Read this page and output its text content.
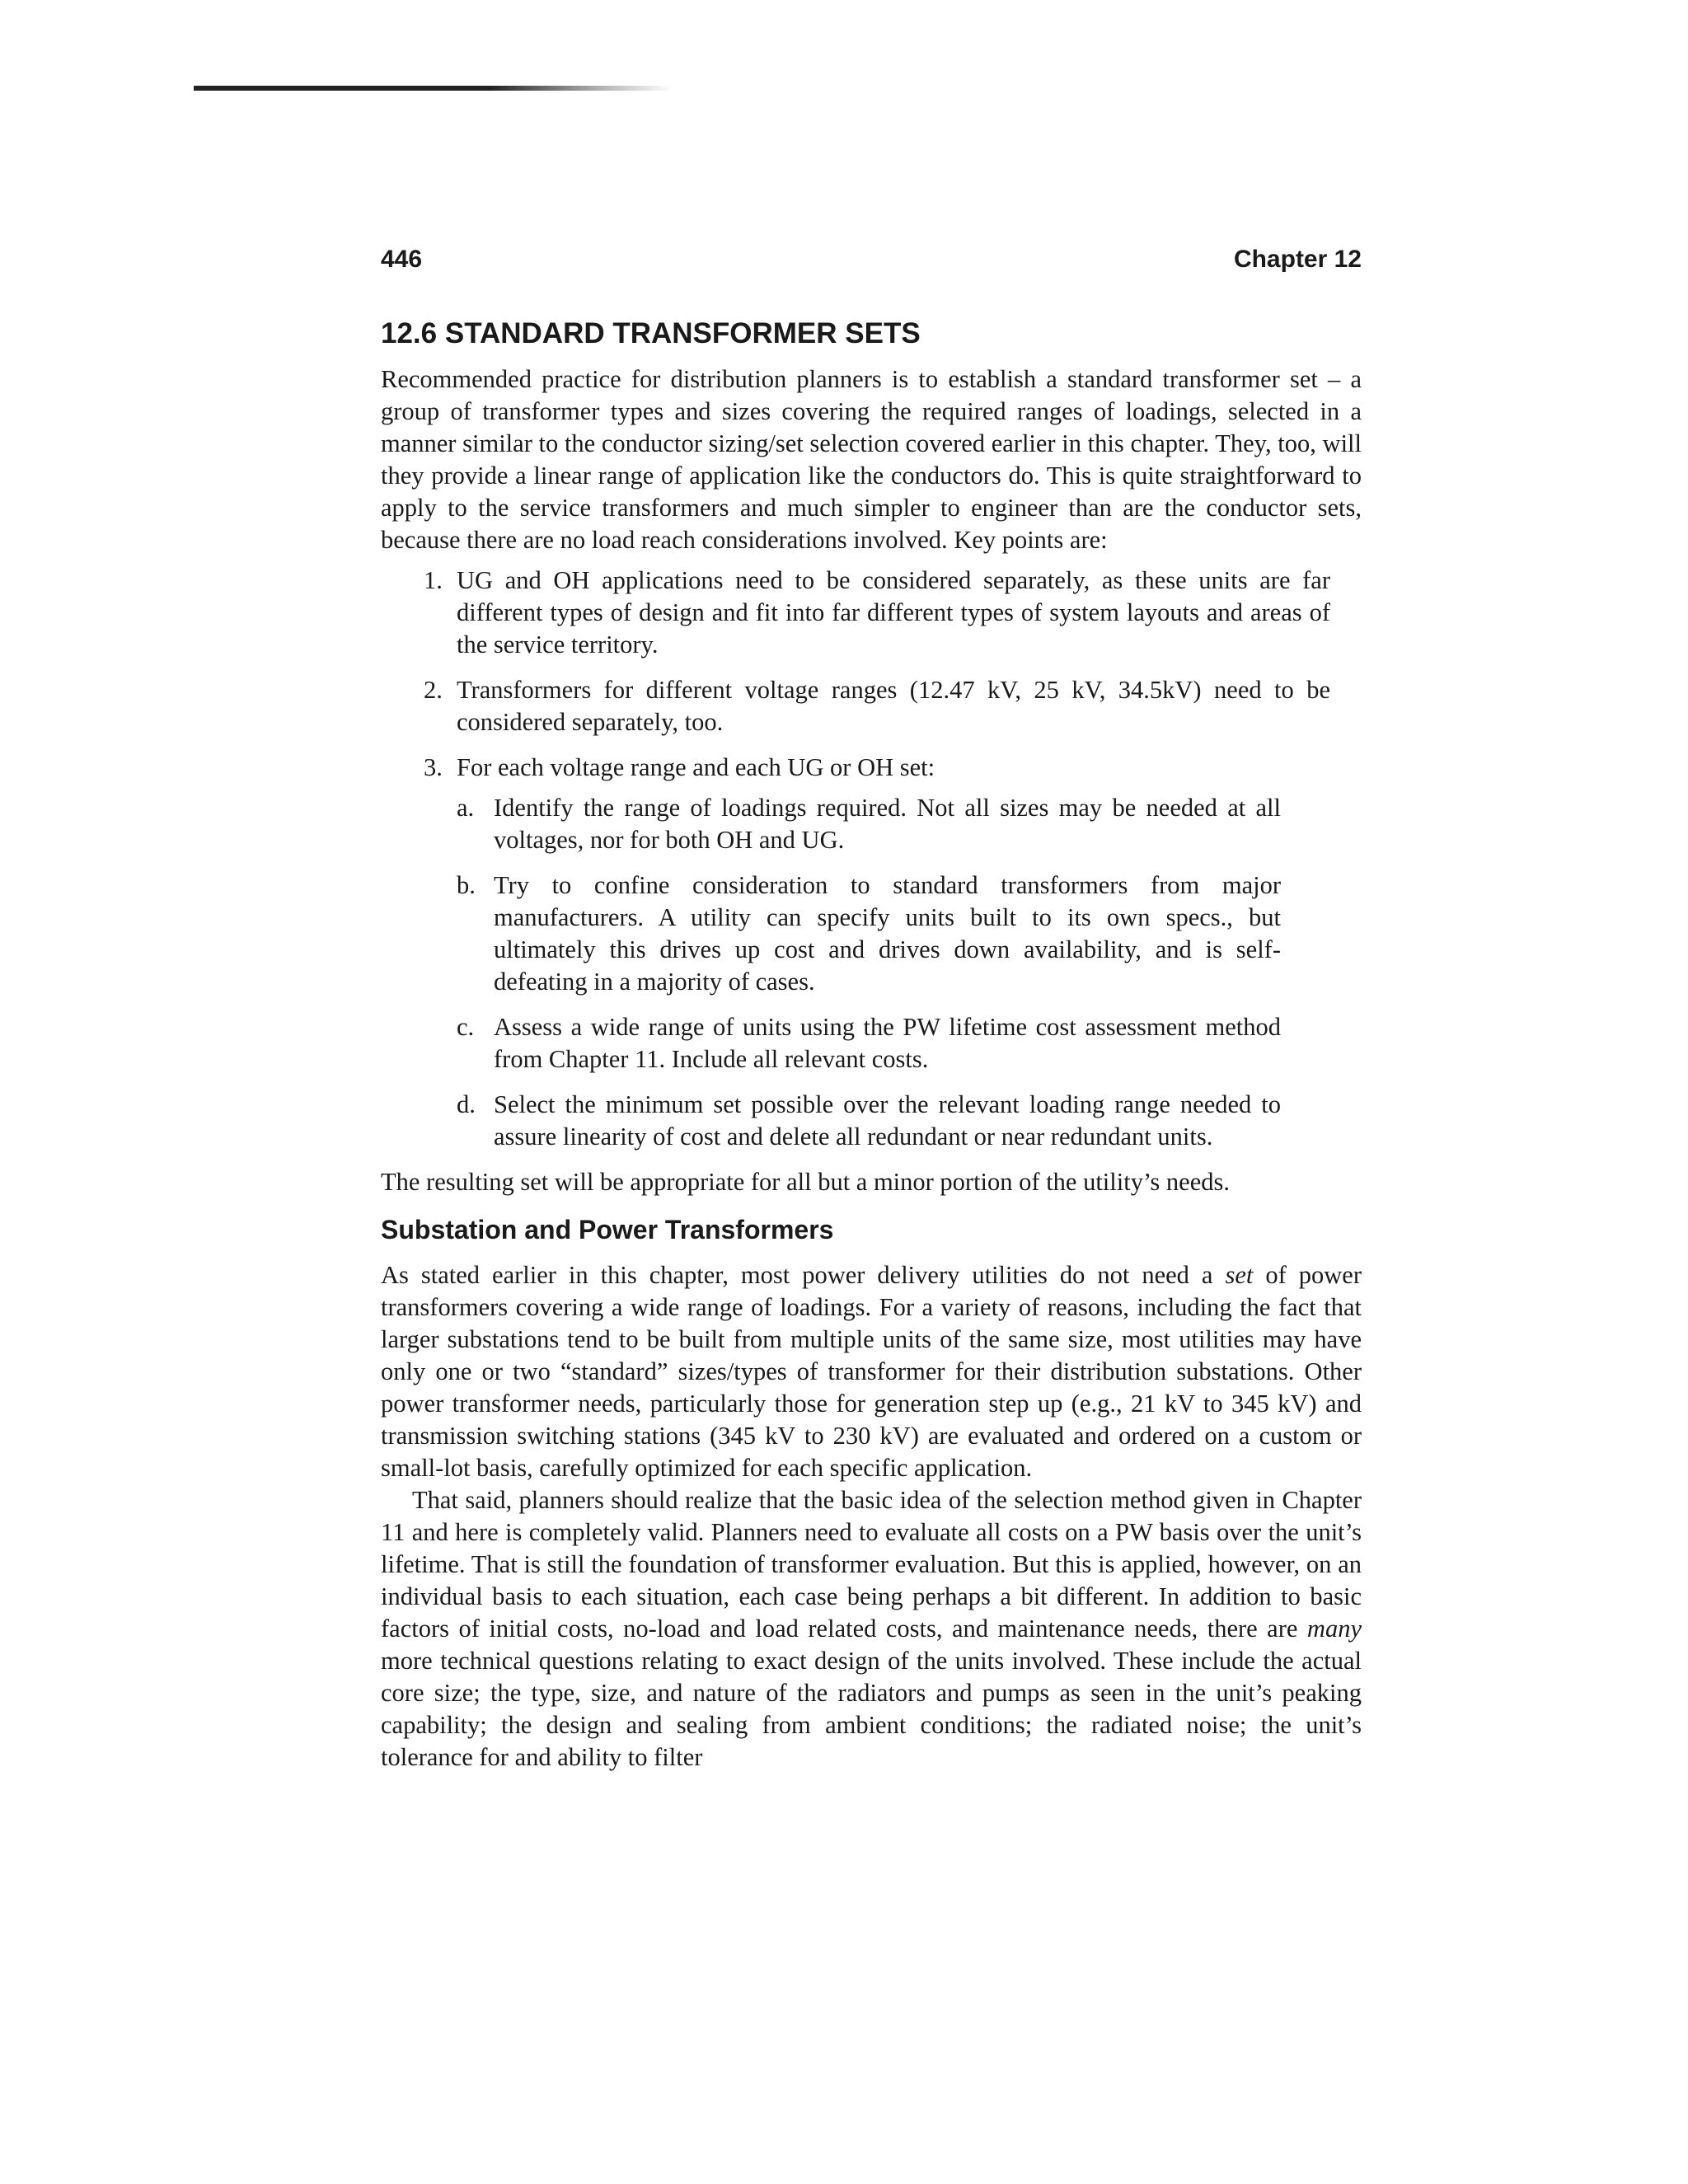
446	Chapter 12
12.6 STANDARD TRANSFORMER SETS

Recommended practice for distribution planners is to establish a standard transformer set – a group of transformer types and sizes covering the required ranges of loadings, selected in a manner similar to the conductor sizing/set selection covered earlier in this chapter. They, too, will they provide a linear range of application like the conductors do. This is quite straightforward to apply to the service transformers and much simpler to engineer than are the conductor sets, because there are no load reach considerations involved. Key points are:

1. UG and OH applications need to be considered separately, as these units are far different types of design and fit into far different types of system layouts and areas of the service territory.
2. Transformers for different voltage ranges (12.47 kV, 25 kV, 34.5kV) need to be considered separately, too.
3. For each voltage range and each UG or OH set:
a. Identify the range of loadings required. Not all sizes may be needed at all voltages, nor for both OH and UG.
b. Try to confine consideration to standard transformers from major manufacturers. A utility can specify units built to its own specs., but ultimately this drives up cost and drives down availability, and is self-defeating in a majority of cases.
c. Assess a wide range of units using the PW lifetime cost assessment method from Chapter 11. Include all relevant costs.
d. Select the minimum set possible over the relevant loading range needed to assure linearity of cost and delete all redundant or near redundant units.

The resulting set will be appropriate for all but a minor portion of the utility’s needs.

Substation and Power Transformers

As stated earlier in this chapter, most power delivery utilities do not need a set of power transformers covering a wide range of loadings. For a variety of reasons, including the fact that larger substations tend to be built from multiple units of the same size, most utilities may have only one or two “standard” sizes/types of transformer for their distribution substations. Other power transformer needs, particularly those for generation step up (e.g., 21 kV to 345 kV) and transmission switching stations (345 kV to 230 kV) are evaluated and ordered on a custom or small-lot basis, carefully optimized for each specific application.

That said, planners should realize that the basic idea of the selection method given in Chapter 11 and here is completely valid. Planners need to evaluate all costs on a PW basis over the unit’s lifetime. That is still the foundation of transformer evaluation. But this is applied, however, on an individual basis to each situation, each case being perhaps a bit different. In addition to basic factors of initial costs, no-load and load related costs, and maintenance needs, there are many more technical questions relating to exact design of the units involved. These include the actual core size; the type, size, and nature of the radiators and pumps as seen in the unit’s peaking capability; the design and sealing from ambient conditions; the radiated noise; the unit’s tolerance for and ability to filter
